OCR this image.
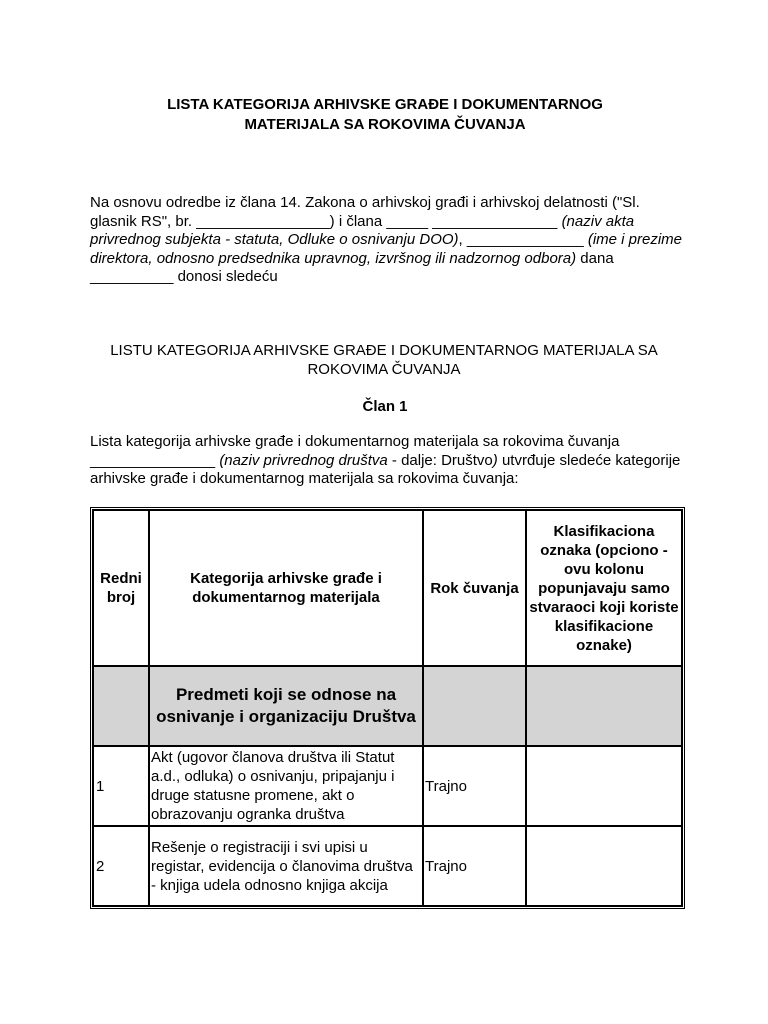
LISTA KATEGORIJA ARHIVSKE GRAĐE I DOKUMENTARNOG
MATERIJALA SA ROKOVIMA ČUVANJA
Na osnovu odredbe iz člana 14. Zakona o arhivskoj građi i arhivskoj delatnosti ("Sl. glasnik RS", br. ________________) i člana _____ _______________ (naziv akta privrednog subjekta - statuta, Odluke o osnivanju DOO), ______________ (ime i prezime direktora, odnosno predsednika upravnog, izvršnog ili nadzornog odbora) dana __________ donosi sledeću
LISTU KATEGORIJA ARHIVSKE GRAĐE I DOKUMENTARNOG MATERIJALA SA
ROKOVIMA ČUVANJA
Član 1
Lista kategorija arhivske građe i dokumentarnog materijala sa rokovima čuvanja _______________ (naziv privrednog društva - dalje: Društvo) utvrđuje sledeće kategorije arhivske građe i dokumentarnog materijala sa rokovima čuvanja:
Redni broj	Kategorija arhivske građe i dokumentarnog materijala	Rok čuvanja	Klasifikaciona oznaka (opciono - ovu kolonu popunjavaju samo stvaraoci koji koriste klasifikacione oznake)
	Predmeti koji se odnose na osnivanje i organizaciju Društva		
1	Akt (ugovor članova društva ili Statut a.d., odluka) o osnivanju, pripajanju i druge statusne promene, akt o obrazovanju ogranka društva	Trajno	
2	Rešenje o registraciji i svi upisi u registar, evidencija o članovima društva - knjiga udela odnosno knjiga akcija	Trajno	
